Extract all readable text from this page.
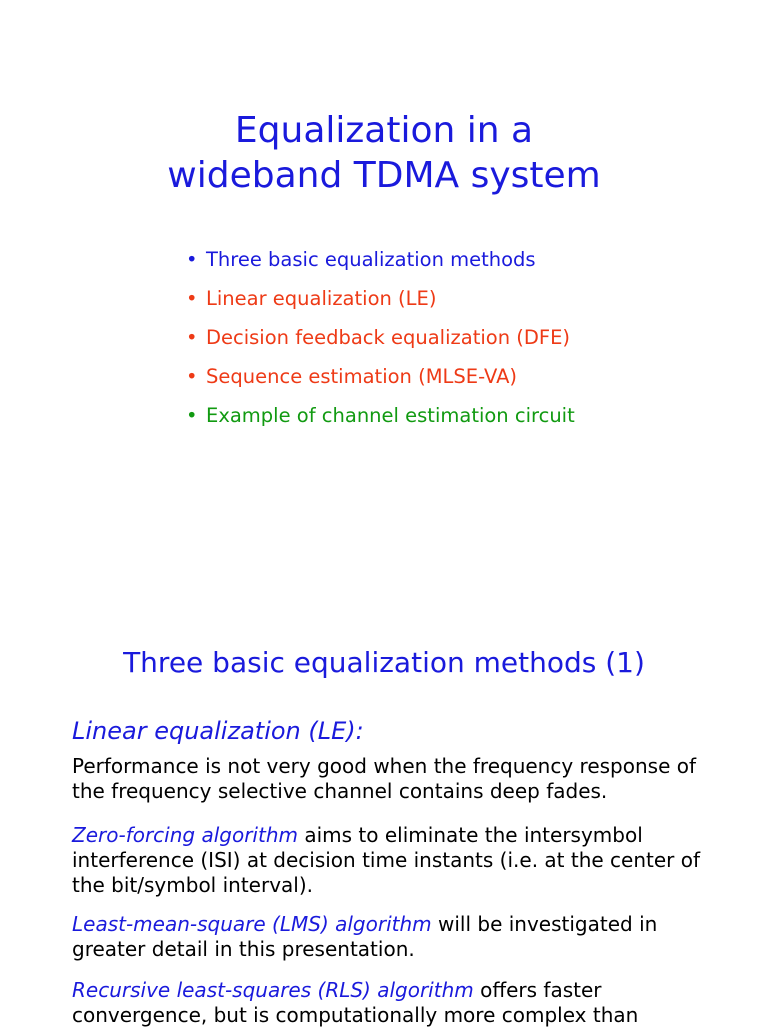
Equalization in a
wideband TDMA system
• Three basic equalization methods
• Linear equalization (LE)
• Decision feedback equalization (DFE)
• Sequence estimation (MLSE-VA)
• Example of channel estimation circuit
Three basic equalization methods (1)
Linear equalization (LE):

Performance is not very good when the frequency response of the frequency selective channel contains deep fades.

Zero-forcing algorithm aims to eliminate the intersymbol interference (ISI) at decision time instants (i.e. at the center of the bit/symbol interval).

Least-mean-square (LMS) algorithm will be investigated in greater detail in this presentation.

Recursive least-squares (RLS) algorithm offers faster convergence, but is computationally more complex than
